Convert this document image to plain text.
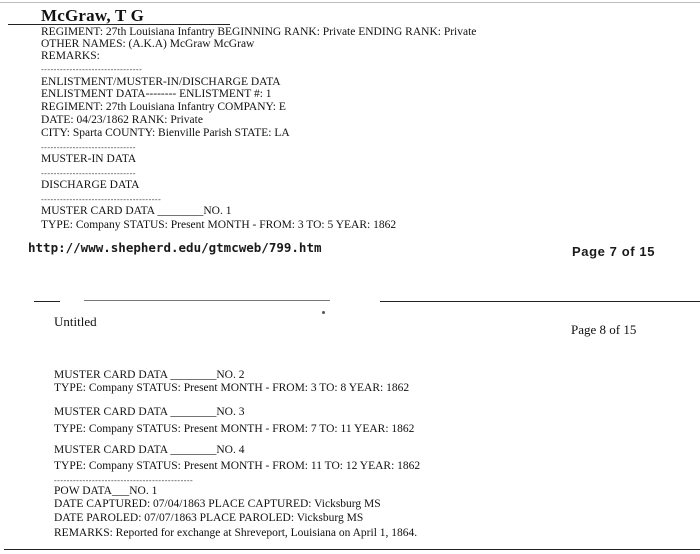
McGraw, T G
REGIMENT: 27th Louisiana Infantry BEGINNING RANK: Private ENDING RANK: Private
OTHER NAMES: (A.K.A) McGraw McGraw
REMARKS:
--------------------------------
ENLISTMENT/MUSTER-IN/DISCHARGE DATA
ENLISTMENT DATA-------- ENLISTMENT #: 1
REGIMENT: 27th Louisiana Infantry COMPANY: E
DATE: 04/23/1862 RANK: Private
CITY: Sparta COUNTY: Bienville Parish STATE: LA
------------------------------
MUSTER-IN DATA
------------------------------
DISCHARGE DATA
--------------------------------------
MUSTER CARD DATA ________NO. 1
TYPE: Company STATUS: Present MONTH - FROM: 3 TO: 5 YEAR: 1862
http://www.shepherd.edu/gtmcweb/799.htm	Page 7 of 15
Untitled
Page 8 of 15
MUSTER CARD DATA ________NO. 2
TYPE: Company STATUS: Present MONTH - FROM: 3 TO: 8 YEAR: 1862
MUSTER CARD DATA ________NO. 3
TYPE: Company STATUS: Present MONTH - FROM: 7 TO: 11 YEAR: 1862
MUSTER CARD DATA ________NO. 4
TYPE: Company STATUS: Present MONTH - FROM: 11 TO: 12 YEAR: 1862
--------------------------------------------
POW DATA___NO. 1
DATE CAPTURED: 07/04/1863 PLACE CAPTURED: Vicksburg MS
DATE PAROLED: 07/07/1863 PLACE PAROLED: Vicksburg MS
REMARKS: Reported for exchange at Shreveport, Louisiana on April 1, 1864.
